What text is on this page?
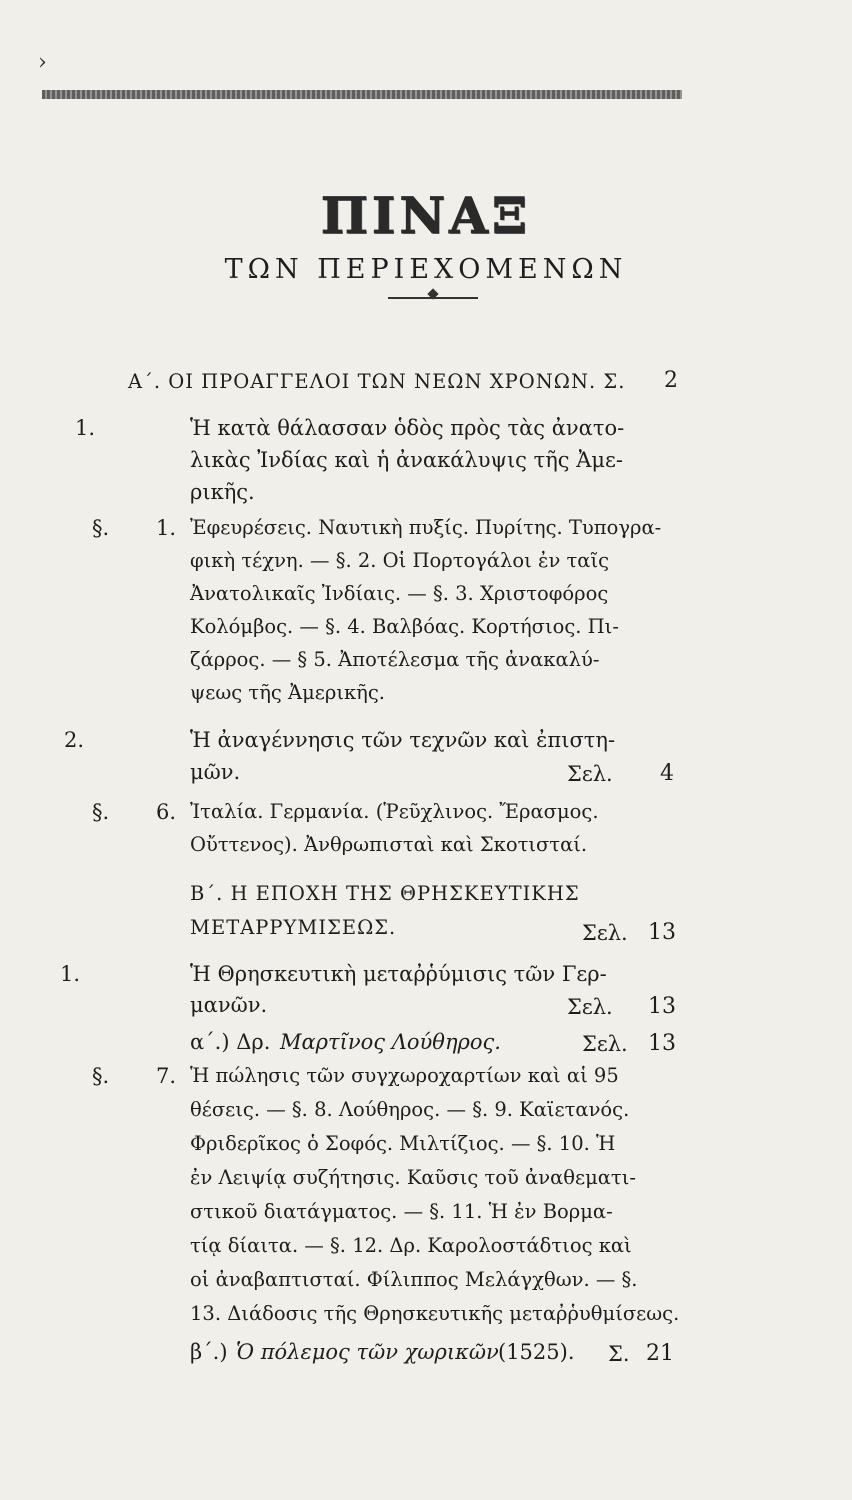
›
ΠΙΝΑΞ
ΤΩΝ ΠΕΡΙΕΧΟΜΕΝΩΝ
Α΄. ΟΙ ΠΡΟΑΓΓΕΛΟΙ ΤΩΝ ΝΕΩΝ ΧΡΟΝΩΝ. Σ. 2
1.	Ἡ κατὰ θάλασσαν ὁδὸς πρὸς τὰς ἀνατο-
λικὰς Ἰνδίας καὶ ἡ ἀνακάλυψις τῆς Ἀμε-
ρικῆς.
§. 1. Ἐφευρέσεις. Ναυτικὴ πυξίς. Πυρίτης. Τυπογρα-
φικὴ τέχνη. — §. 2. Οἱ Πορτογάλοι ἐν ταῖς
Ἀνατολικαῖς Ἰνδίαις. — §. 3. Χριστοφόρος
Κολόμβος. — §. 4. Βαλβόας. Κορτήσιος. Πι-
ζάρρος. — § 5. Ἀποτέλεσμα τῆς ἀνακαλύ-
ψεως τῆς Ἀμερικῆς.
2.	Ἡ ἀναγέννησις τῶν τεχνῶν καὶ ἐπιστη-
μῶν.	Σελ. 4
§. 6. Ἰταλία. Γερμανία. (Ῥεῦχλινος. Ἔρασμος.
Οὔττενος). Ἀνθρωπισταὶ καὶ Σκοτισταί.
Β΄. Η ΕΠΟΧΗ ΤΗΣ ΘΡΗΣΚΕΥΤΙΚΗΣ
ΜΕΤΑΡΡΥΜΙΣΕΩΣ.	Σελ. 13
1.	Ἡ Θρησκευτικὴ μεταῤῥύμισις τῶν Γερ-
μανῶν.	Σελ. 13
α΄.) Δρ. Μαρτῖνος Λούθηρος.	Σελ. 13
§. 7. Ἡ πώλησις τῶν συγχωροχαρτίων καὶ αἱ 95
θέσεις. — §. 8. Λούθηρος. — §. 9. Καϊετανός.
Φριδερῖκος ὁ Σοφός. Μιλτίζιος. — §. 10. Ἡ
ἐν Λειψίᾳ συζήτησις. Καῦσις τοῦ ἀναθεματι-
στικοῦ διατάγματος. — §. 11. Ἡ ἐν Βορμα-
τίᾳ δίαιτα. — §. 12. Δρ. Καρολοστάδτιος καὶ
οἱ ἀναβαπτισταί. Φίλιππος Μελάγχθων. — §.
13. Διάδοσις τῆς Θρησκευτικῆς μεταῤῥυθμίσεως.
β΄.) Ὁ πόλεμος τῶν χωρικῶν (1525). Σ. 21
